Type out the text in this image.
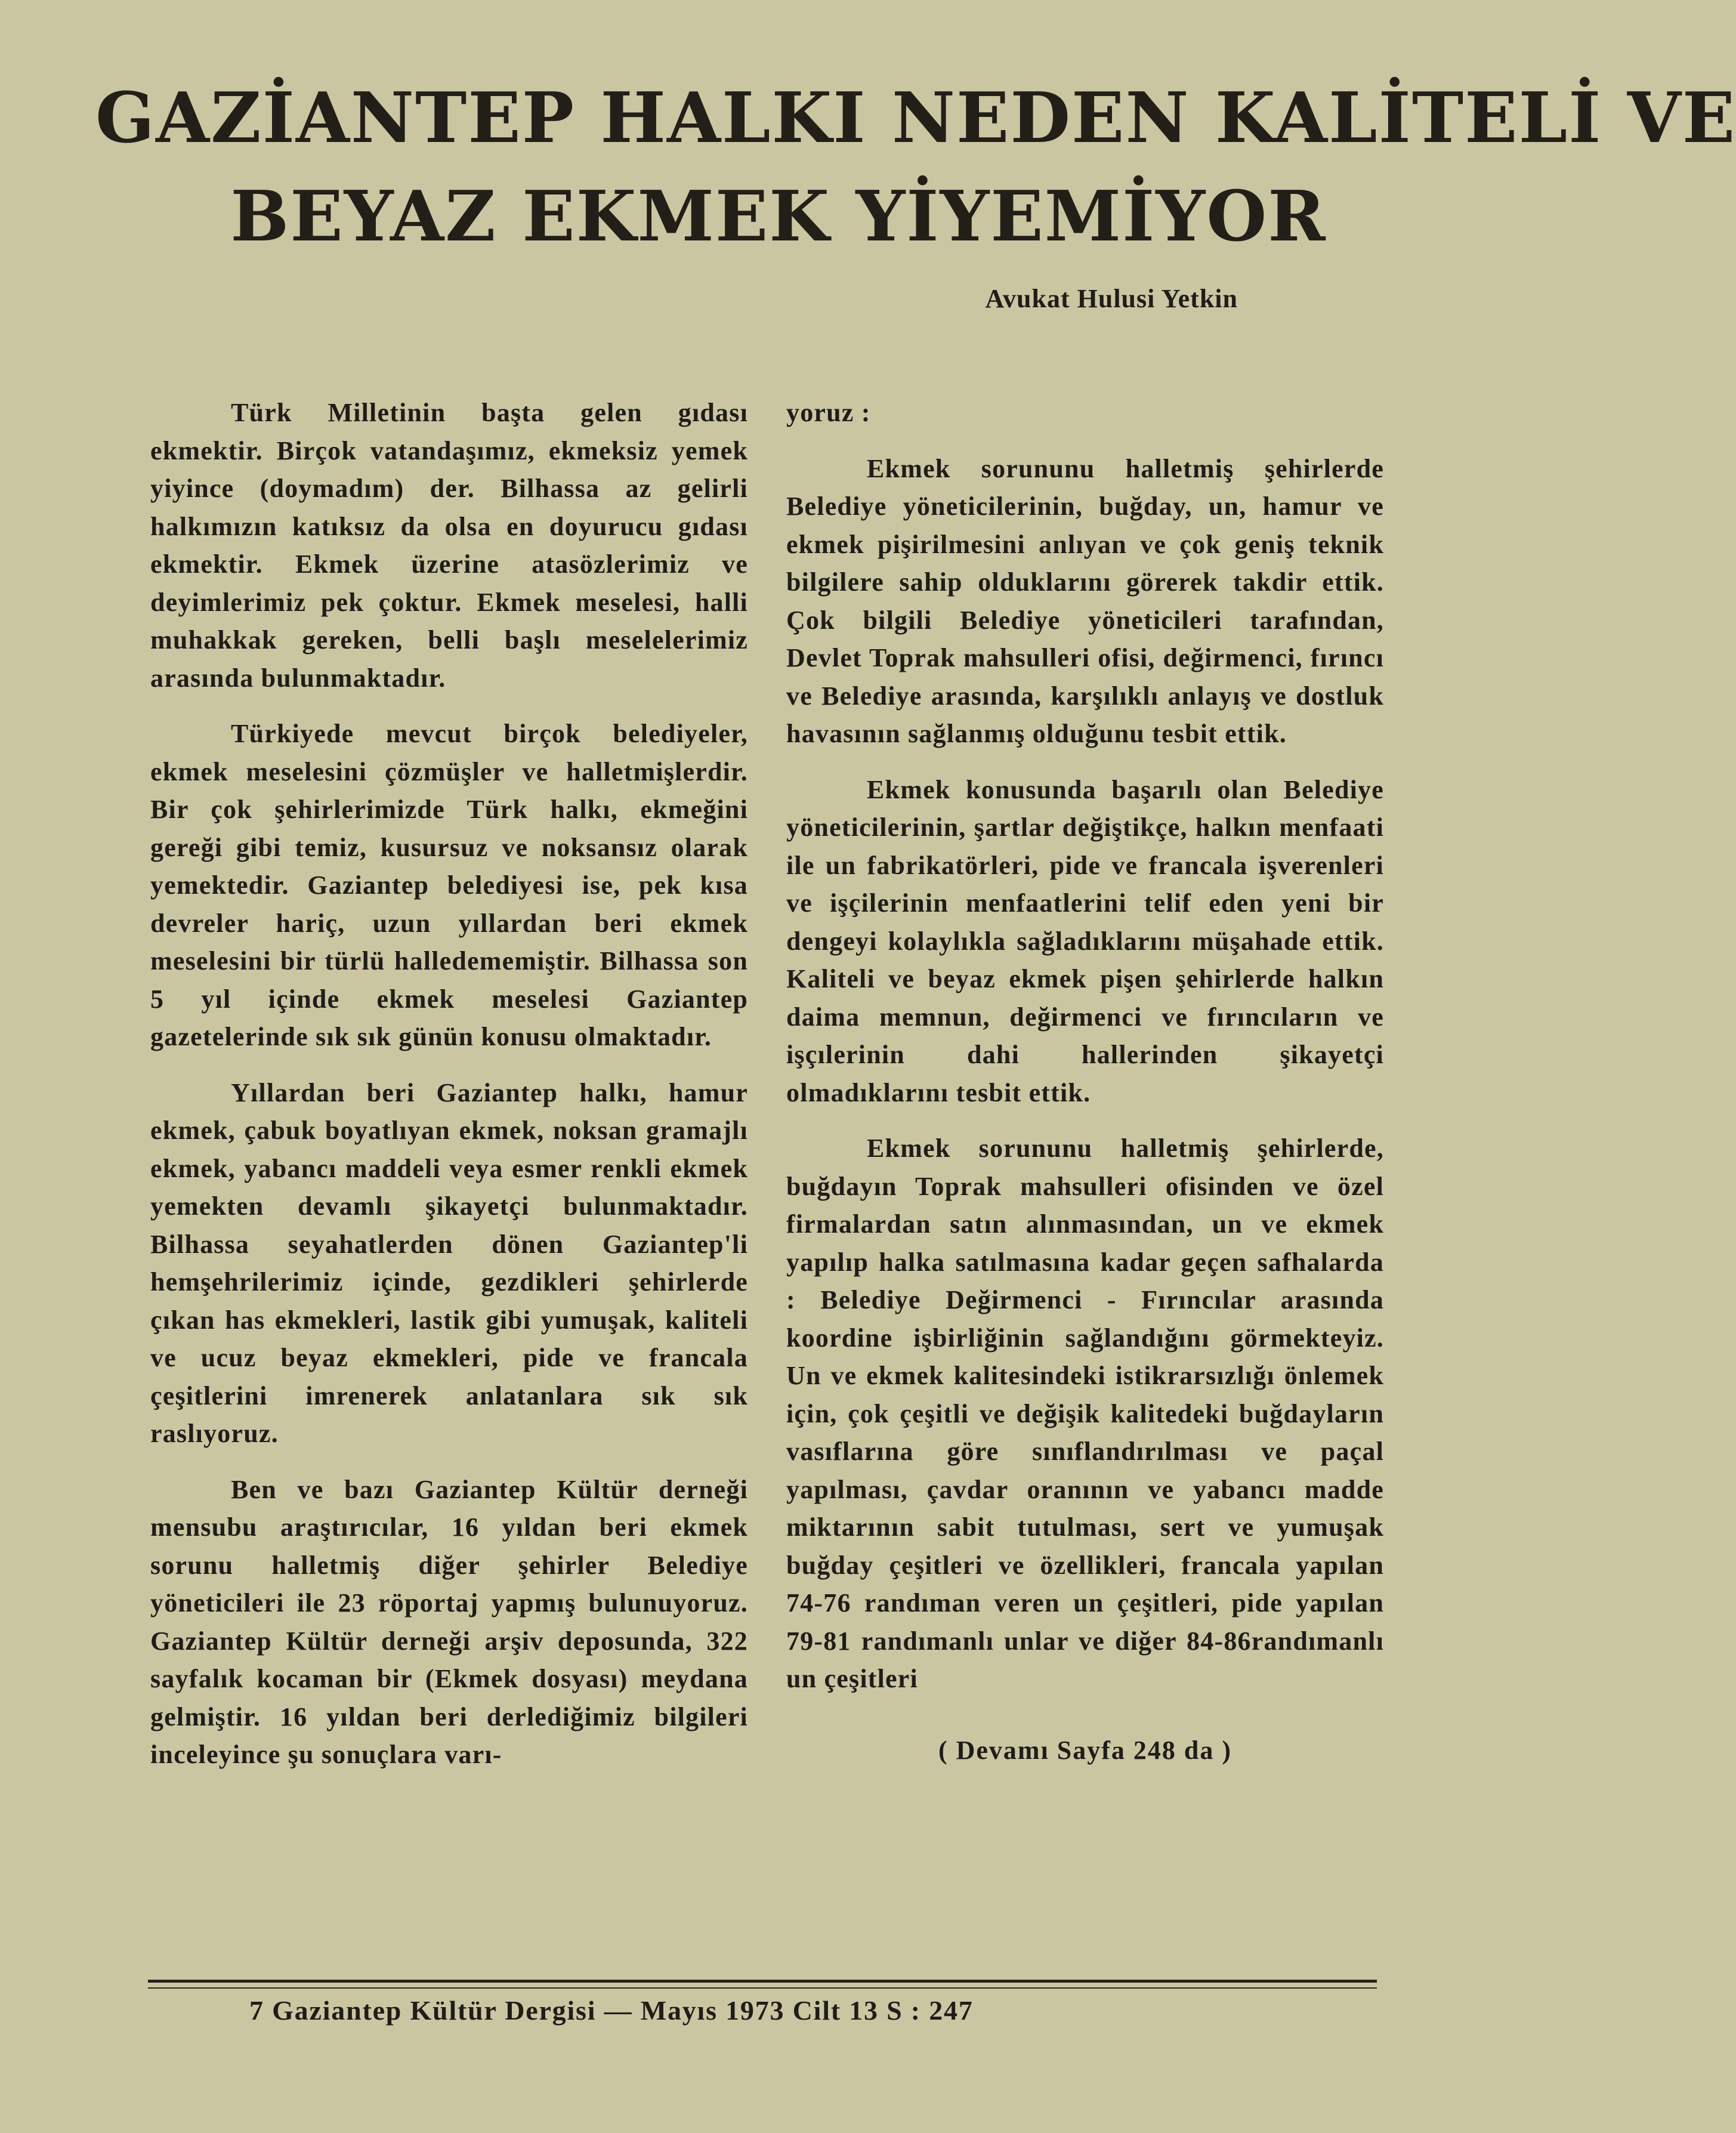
GAZİANTEP HALKI NEDEN KALİTELİ VE
BEYAZ EKMEK YİYEMİYOR
Avukat Hulusi Yetkin

Türk Milletinin başta gelen gıdası ekmektir. Birçok vatandaşımız, ekmeksiz yemek yiyince (doymadım) der. Bilhassa az gelirli halkımızın katıksız da olsa en doyurucu gıdası ekmektir. Ekmek üzerine atasözlerimiz ve deyimlerimiz pek çoktur. Ekmek meselesi, halli muhakkak gereken, belli başlı meselelerimiz arasında bulunmaktadır.

Türkiyede mevcut birçok belediyeler, ekmek meselesini çözmüşler ve halletmişlerdir. Bir çok şehirlerimizde Türk halkı, ekmeğini gereği gibi temiz, kusursuz ve noksansız olarak yemektedir. Gaziantep belediyesi ise, pek kısa devreler hariç, uzun yıllardan beri ekmek meselesini bir türlü halledememiştir. Bilhassa son 5 yıl içinde ekmek meselesi Gaziantep gazetelerinde sık sık günün konusu olmaktadır.

Yıllardan beri Gaziantep halkı, hamur ekmek, çabuk boyatlıyan ekmek, noksan gramajlı ekmek, yabancı maddeli veya esmer renkli ekmek yemekten devamlı şikayetçi bulunmaktadır. Bilhassa seyahatlerden dönen Gaziantep'li hemşehrilerimiz içinde, gezdikleri şehirlerde çıkan has ekmekleri, lastik gibi yumuşak, kaliteli ve ucuz beyaz ekmekleri, pide ve francala çeşitlerini imrenerek anlatanlara sık sık raslıyoruz.

Ben ve bazı Gaziantep Kültür derneği mensubu araştırıcılar, 16 yıldan beri ekmek sorunu halletmiş diğer şehirler Belediye yöneticileri ile 23 röportaj yapmış bulunuyoruz. Gaziantep Kültür derneği arşiv deposunda, 322 sayfalık kocaman bir (Ekmek dosyası) meydana gelmiştir. 16 yıldan beri derlediğimiz bilgileri inceleyince şu sonuçlara varı-

yoruz :

Ekmek sorununu halletmiş şehirlerde Belediye yöneticilerinin, buğday, un, hamur ve ekmek pişirilmesini anlıyan ve çok geniş teknik bilgilere sahip olduklarını görerek takdir ettik. Çok bilgili Belediye yöneticileri tarafından, Devlet Toprak mahsulleri ofisi, değirmenci, fırıncı ve Belediye arasında, karşılıklı anlayış ve dostluk havasının sağlanmış olduğunu tesbit ettik.

Ekmek konusunda başarılı olan Belediye yöneticilerinin, şartlar değiştikçe, halkın menfaati ile un fabrikatörleri, pide ve francala işverenleri ve işçilerinin menfaatlerini telif eden yeni bir dengeyi kolaylıkla sağladıklarını müşahade ettik. Kaliteli ve beyaz ekmek pişen şehirlerde halkın daima memnun, değirmenci ve fırıncıların ve işçılerinin dahi hallerinden şikayetçi olmadıklarını tesbit ettik.

Ekmek sorununu halletmiş şehirlerde, buğdayın Toprak mahsulleri ofisinden ve özel firmalardan satın alınmasından, un ve ekmek yapılıp halka satılmasına kadar geçen safhalarda : Belediye Değirmenci - Fırıncılar arasında koordine işbirliğinin sağlandığını görmekteyiz. Un ve ekmek kalitesindeki istikrarsızlığı önlemek için, çok çeşitli ve değişik kalitedeki buğdayların vasıflarına göre sınıflandırılması ve paçal yapılması, çavdar oranının ve yabancı madde miktarının sabit tutulması, sert ve yumuşak buğday çeşitleri ve özellikleri, francala yapılan 74-76 randıman veren un çeşitleri, pide yapılan 79-81 randımanlı unlar ve diğer 84-86randımanlı un çeşitleri

( Devamı Sayfa 248 da )

7 Gaziantep Kültür Dergisi — Mayıs 1973 Cilt 13 S : 247
